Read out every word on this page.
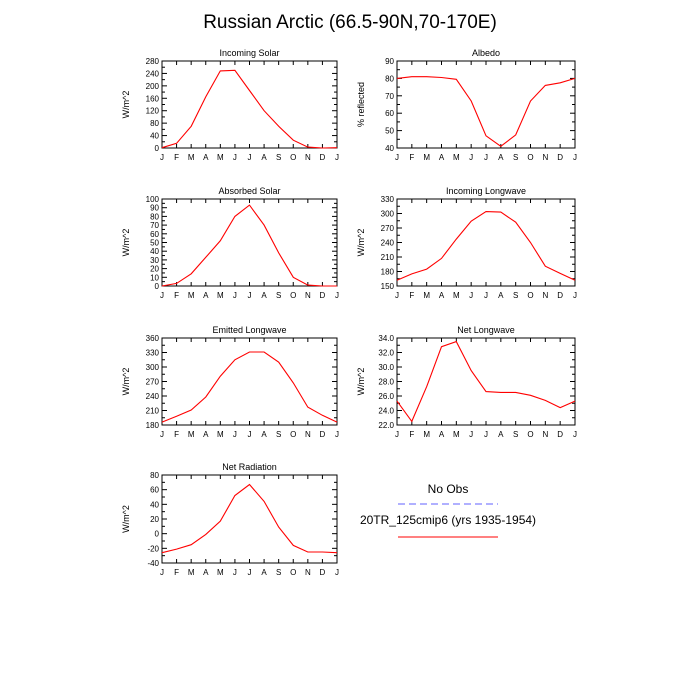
Russian Arctic (66.5-90N,70-170E)
J F M A M J J A S O N D J
0
40
80
120
160
200
240
280
Incoming Solar
W/m^2
J F M A M J J A S O N D J
40
50
60
70
80
90
Albedo
% reflected
J F M A M J J A S O N D J
0
10
20
30
40
50
60
70
80
90
100
Absorbed Solar
W/m^2
J F M A M J J A S O N D J
150
180
210
240
270
300
330
Incoming Longwave
W/m^2
J F M A M J J A S O N D J
180
210
240
270
300
330
360
Emitted Longwave
W/m^2
J F M A M J J A S O N D J
22.0
24.0
26.0
28.0
30.0
32.0
34.0
Net Longwave
W/m^2
J F M A M J J A S O N D J
-40
-20
0
20
40
60
80
Net Radiation
W/m^2
No Obs
20TR_125cmip6 (yrs 1935-1954)
